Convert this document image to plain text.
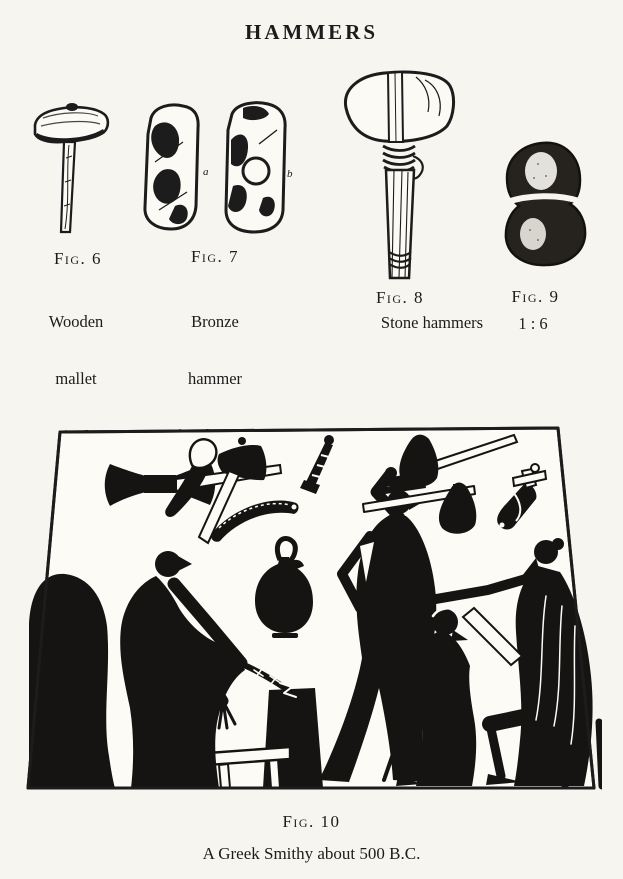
HAMMERS
a	b
Fig. 6

Wooden

mallet

Fig. 7

Bronze

hammer

Fig. 8	Fig. 9
Stone hammers	1 : 6
Fig. 10
A Greek Smithy about 500 B.C.
